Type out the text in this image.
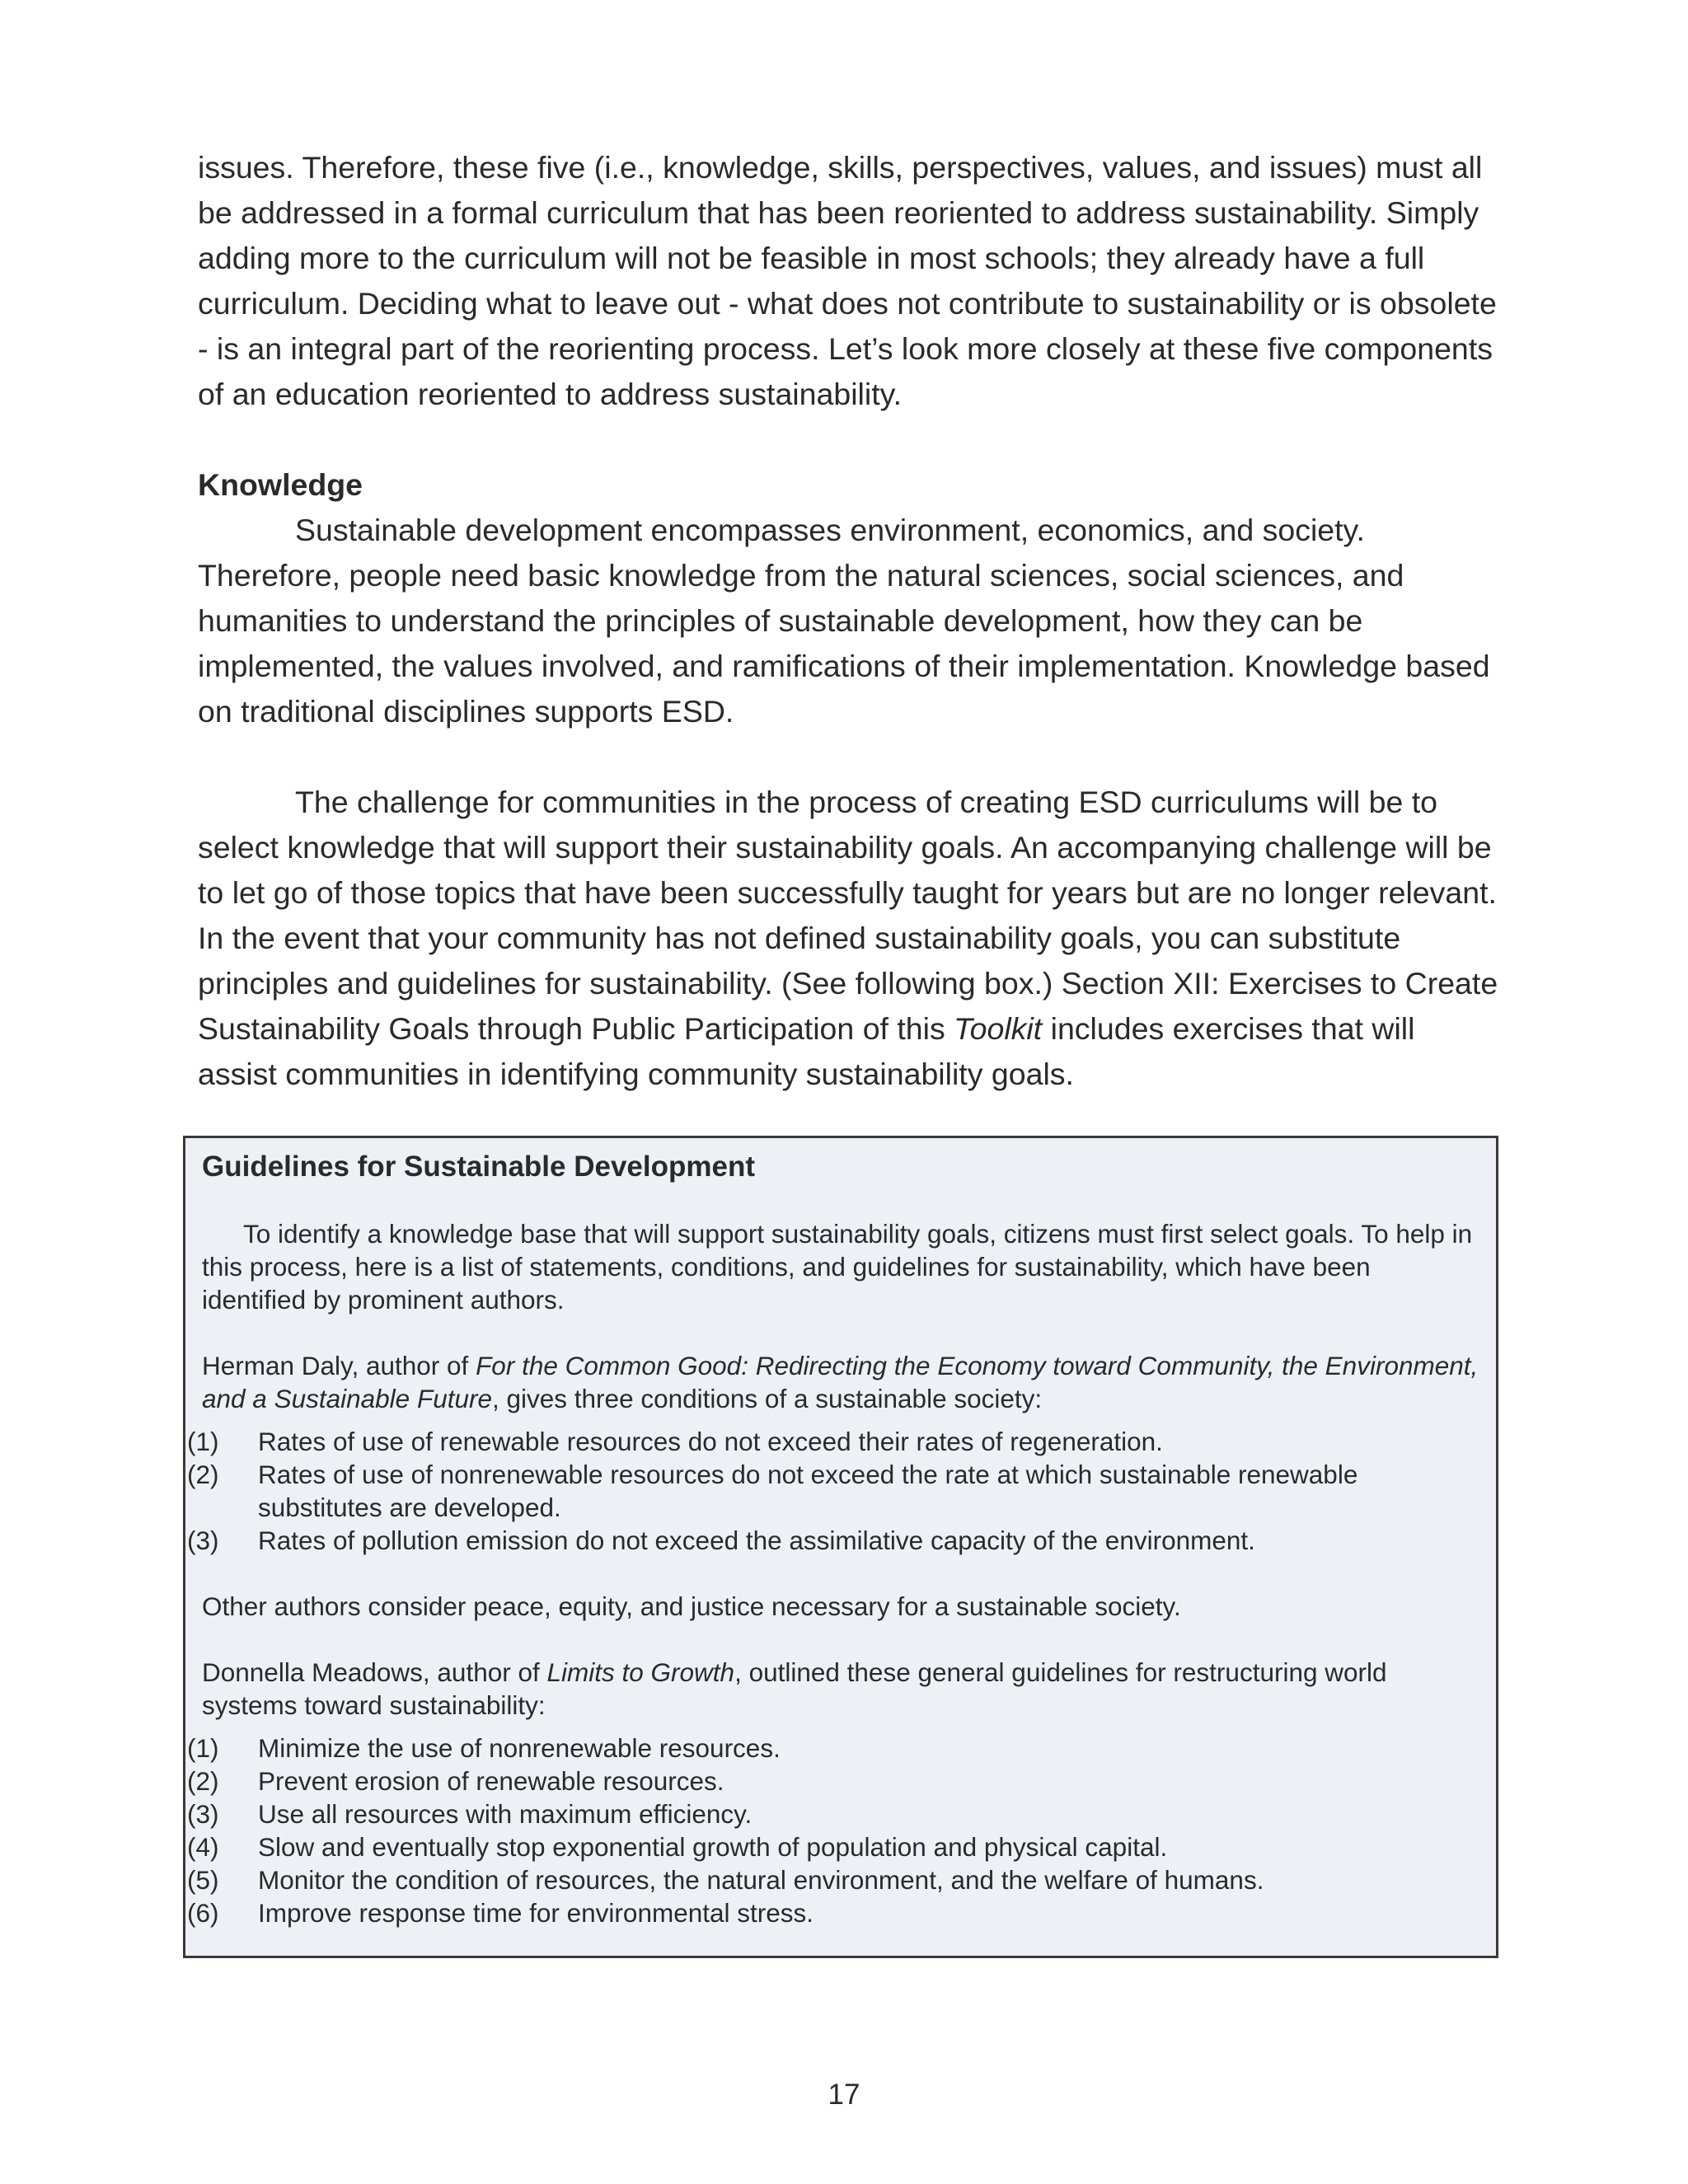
issues. Therefore, these five (i.e., knowledge, skills, perspectives, values, and issues) must all be addressed in a formal curriculum that has been reoriented to address sustainability. Simply adding more to the curriculum will not be feasible in most schools; they already have a full curriculum. Deciding what to leave out - what does not contribute to sustainability or is obsolete - is an integral part of the reorienting process. Let’s look more closely at these five components of an education reoriented to address sustainability.

Knowledge

Sustainable development encompasses environment, economics, and society. Therefore, people need basic knowledge from the natural sciences, social sciences, and humanities to understand the principles of sustainable development, how they can be implemented, the values involved, and ramifications of their implementation. Knowledge based on traditional disciplines supports ESD.

The challenge for communities in the process of creating ESD curriculums will be to select knowledge that will support their sustainability goals. An accompanying challenge will be to let go of those topics that have been successfully taught for years but are no longer relevant. In the event that your community has not defined sustainability goals, you can substitute principles and guidelines for sustainability. (See following box.) Section XII: Exercises to Create Sustainability Goals through Public Participation of this Toolkit includes exercises that will assist communities in identifying community sustainability goals.

Guidelines for Sustainable Development

To identify a knowledge base that will support sustainability goals, citizens must first select goals. To help in this process, here is a list of statements, conditions, and guidelines for sustainability, which have been identified by prominent authors.

Herman Daly, author of For the Common Good: Redirecting the Economy toward Community, the Environment, and a Sustainable Future, gives three conditions of a sustainable society:

(1)	Rates of use of renewable resources do not exceed their rates of regeneration.
(2)	Rates of use of nonrenewable resources do not exceed the rate at which sustainable renewable substitutes are developed.
(3)	Rates of pollution emission do not exceed the assimilative capacity of the environment.

Other authors consider peace, equity, and justice necessary for a sustainable society.

Donnella Meadows, author of Limits to Growth, outlined these general guidelines for restructuring world systems toward sustainability:

(1)	Minimize the use of nonrenewable resources.
(2)	Prevent erosion of renewable resources.
(3)	Use all resources with maximum efficiency.
(4)	Slow and eventually stop exponential growth of population and physical capital.
(5)	Monitor the condition of resources, the natural environment, and the welfare of humans.
(6)	Improve response time for environmental stress.
17
